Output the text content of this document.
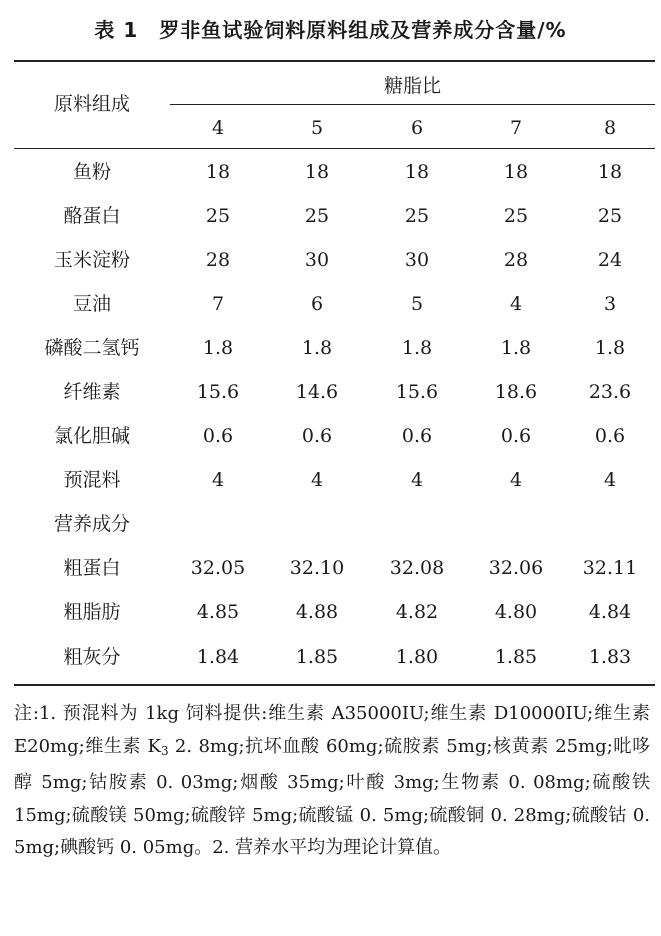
表 1　罗非鱼试验饲料原料组成及营养成分含量/%
原料组成
糖脂比
4	5	6	7	8
鱼粉	18	18	18	18	18
酪蛋白	25	25	25	25	25
玉米淀粉	28	30	30	28	24
豆油	7	6	5	4	3
磷酸二氢钙	1.8	1.8	1.8	1.8	1.8
纤维素	15.6	14.6	15.6	18.6	23.6
氯化胆碱	0.6	0.6	0.6	0.6	0.6
预混料	4	4	4	4	4
营养成分
粗蛋白	32.05	32.10	32.08	32.06	32.11
粗脂肪	4.85	4.88	4.82	4.80	4.84
粗灰分	1.84	1.85	1.80	1.85	1.83
注:1. 预混料为 1kg 饲料提供:维生素 A35000IU;维生素 D10000IU;维生素 E20mg;维生素 $K_3$ 2. 8mg;抗坏血酸 60mg;硫胺素 5mg;核黄素 25mg;吡哆醇 5mg;钴胺素 0. 03mg;烟酸 35mg;叶酸 3mg;生物素 0. 08mg;硫酸铁 15mg;硫酸镁 50mg;硫酸锌 5mg;硫酸锰 0. 5mg;硫酸铜 0. 28mg;硫酸钴 0. 5mg;碘酸钙 0. 05mg。2. 营养水平均为理论计算值。
